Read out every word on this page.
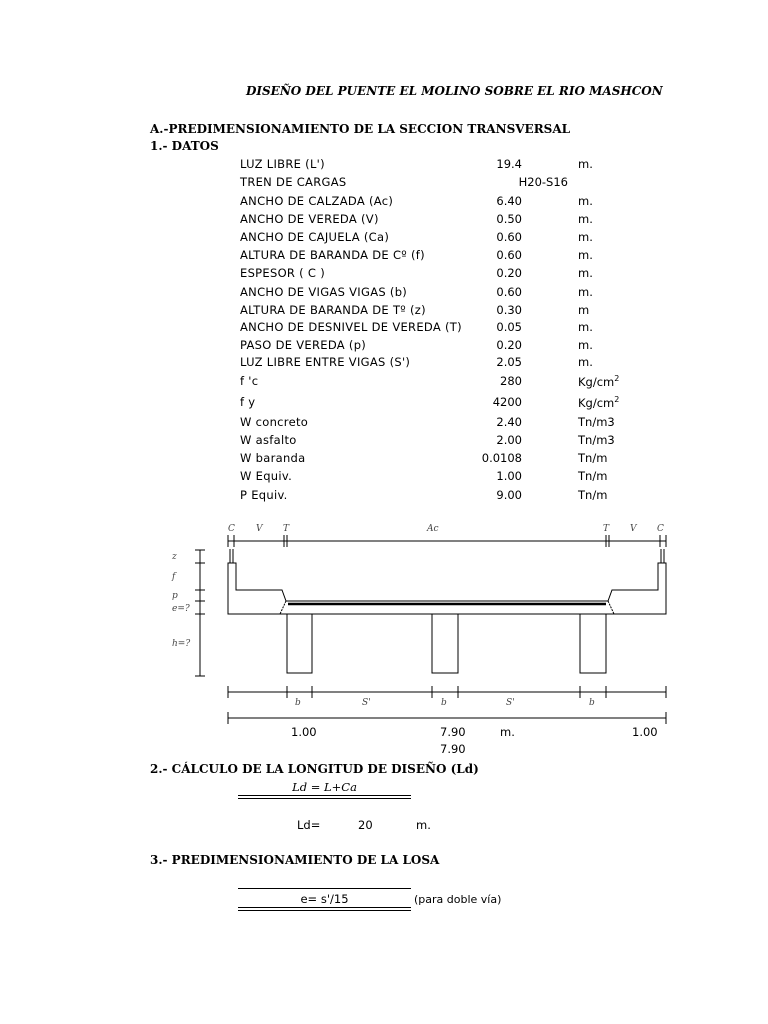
DISEÑO DEL PUENTE EL MOLINO SOBRE EL RIO MASHCON
A.-PREDIMENSIONAMIENTO DE LA SECCION TRANSVERSAL
1.- DATOS
LUZ LIBRE (L')	19.4	m.
TREN DE CARGAS	H20-S16
ANCHO DE CALZADA (Ac)	6.40	m.
ANCHO DE VEREDA (V)	0.50	m.
ANCHO DE CAJUELA (Ca)	0.60	m.
ALTURA DE BARANDA DE Cº (f)	0.60	m.
ESPESOR ( C )	0.20	m.
ANCHO DE VIGAS VIGAS (b)	0.60	m.
ALTURA DE BARANDA DE Tº (z)	0.30	m
ANCHO DE DESNIVEL DE VEREDA (T)	0.05	m.
PASO DE VEREDA (p)	0.20	m.
LUZ LIBRE ENTRE VIGAS (S')	2.05	m.
f 'c	280	$Kg/cm^2$
f y	4200	$Kg/cm^2$
W concreto	2.40	Tn/m3
W asfalto	2.00	Tn/m3
W baranda	0.0108	Tn/m
W Equiv.	1.00	Tn/m
P Equiv.	9.00	Tn/m
C V T	Ac	T V C
z
f
p
e=?
h=?
b	S'	b	S'	b
1.00	7.90	m.	1.00
7.90
2.- CÁLCULO DE LA LONGITUD DE DISEÑO (Ld)
Ld = L+Ca
Ld=	20	m.
3.- PREDIMENSIONAMIENTO DE LA LOSA
e= s'/15	(para doble vía)
